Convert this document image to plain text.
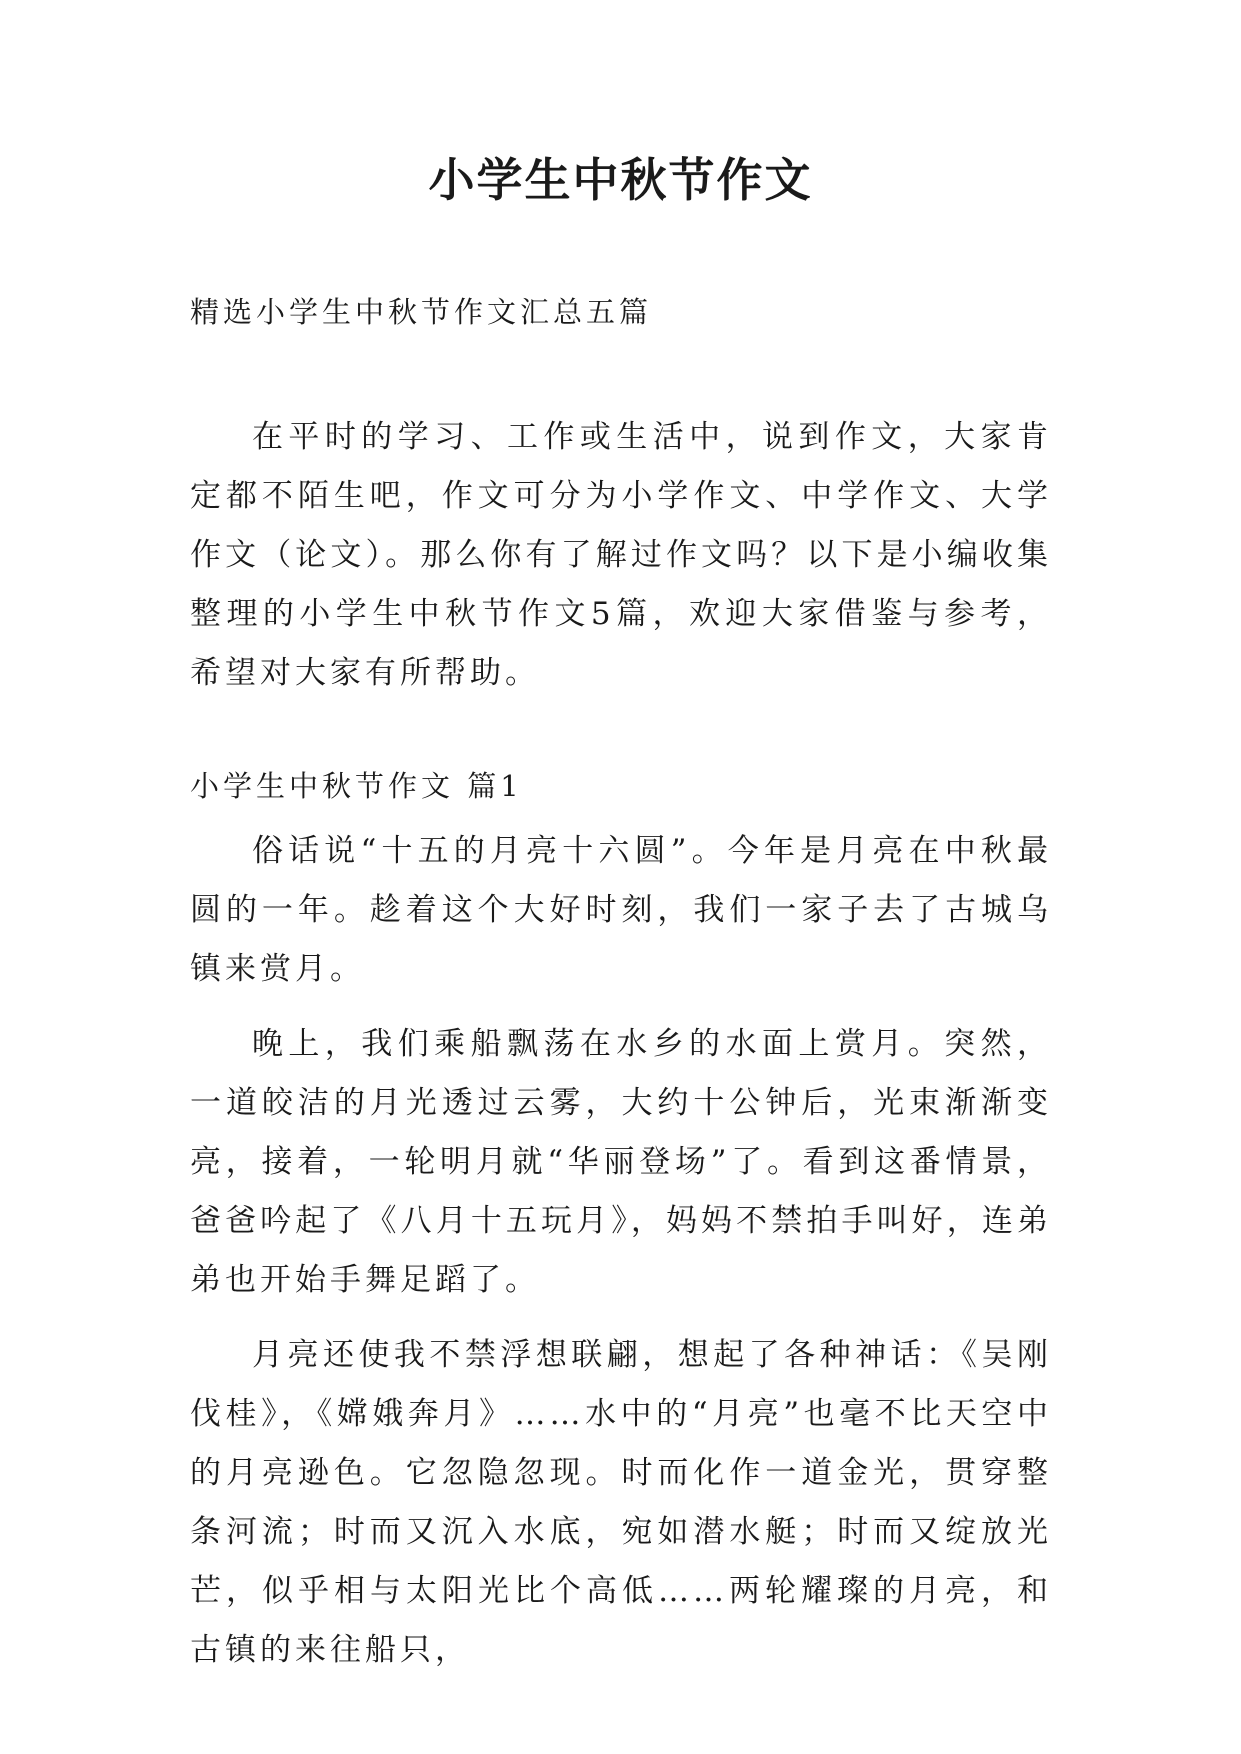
小学生中秋节作文

精选小学生中秋节作文汇总五篇

在平时的学习、工作或生活中，说到作文，大家肯定都不陌生吧，作文可分为小学作文、中学作文、大学作文（论文）。那么你有了解过作文吗？以下是小编收集整理的小学生中秋节作文5篇，欢迎大家借鉴与参考，希望对大家有所帮助。

小学生中秋节作文 篇1

俗话说“十五的月亮十六圆”。今年是月亮在中秋最圆的一年。趁着这个大好时刻，我们一家子去了古城乌镇来赏月。

晚上，我们乘船飘荡在水乡的水面上赏月。突然，一道皎洁的月光透过云雾，大约十公钟后，光束渐渐变亮，接着，一轮明月就“华丽登场”了。看到这番情景，爸爸吟起了《八月十五玩月》，妈妈不禁拍手叫好，连弟弟也开始手舞足蹈了。

月亮还使我不禁浮想联翩，想起了各种神话：《吴刚伐桂》，《嫦娥奔月》……水中的“月亮”也毫不比天空中的月亮逊色。它忽隐忽现。时而化作一道金光，贯穿整条河流；时而又沉入水底，宛如潜水艇；时而又绽放光芒，似乎相与太阳光比个高低……两轮耀璨的月亮，和古镇的来往船只，
